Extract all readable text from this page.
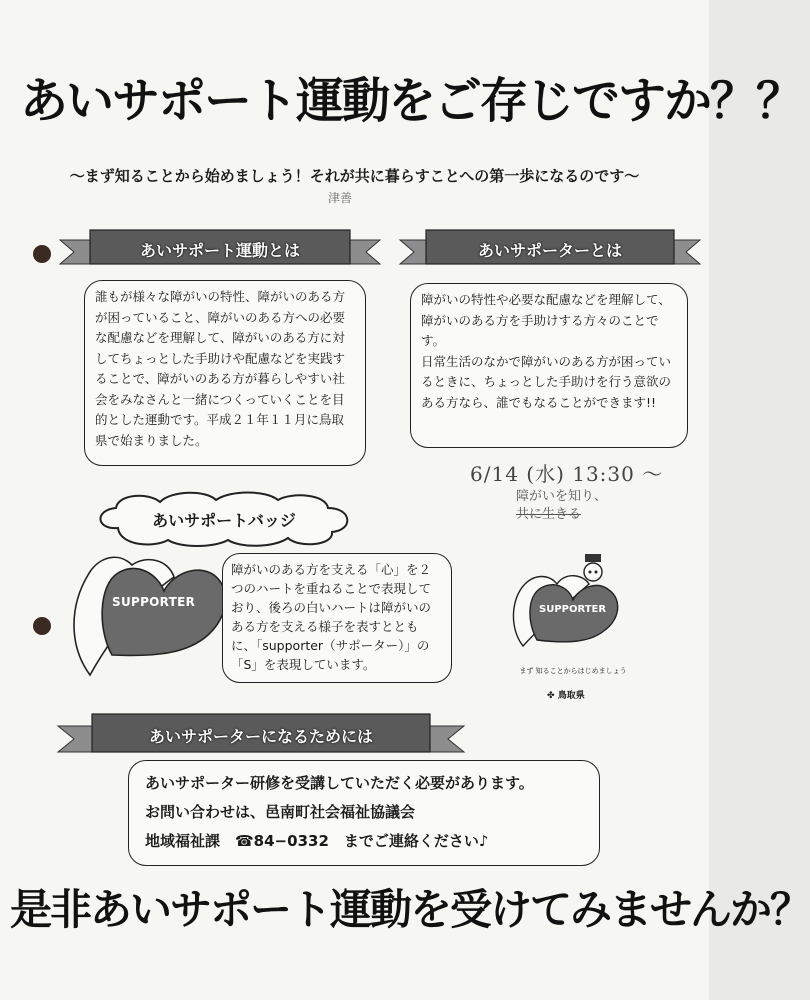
あいサポート運動をご存じですか？？
～まず知ることから始めましょう！それが共に暮らすことへの第一歩になるのです～
津善
あいサポート運動とは	あいサポーターとは

誰もが様々な障がいの特性、障がいのある方が困っていること、障がいのある方への必要な配慮などを理解して、障がいのある方に対してちょっとした手助けや配慮などを実践することで、障がいのある方が暮らしやすい社会をみなさんと一緒につくっていくことを目的とした運動です。平成２１年１１月に鳥取県で始まりました。

障がいの特性や必要な配慮などを理解して、障がいのある方を手助けする方々のことです。

日常生活のなかで障がいのある方が困っているときに、ちょっとした手助けを行う意欲のある方なら、誰でもなることができます!!

6/14 (水) 13:30 〜
障がいを知り、
共に生きる
あいサポートバッジ
SUPPORTER

障がいのある方を支える「心」を２つのハートを重ねることで表現しており、後ろの白いハートは障がいのある方を支える様子を表すとともに、「supporter（サポーター）」の「S」を表現しています。

SUPPORTER
まず 知ることからはじめましょう
✤ 鳥取県
あいサポーターになるためには

あいサポーター研修を受講していただく必要があります。

お問い合わせは、邑南町社会福祉協議会

地域福祉課　☎84−0332　までご連絡ください♪

是非あいサポート運動を受けてみませんか？
